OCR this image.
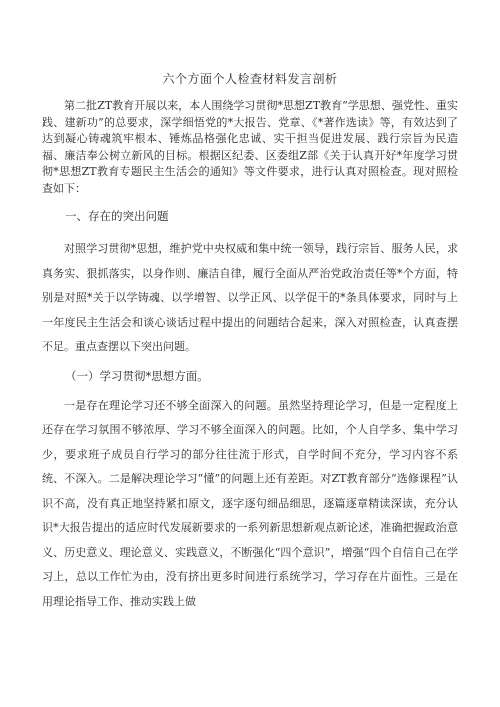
六个方面个人检查材料发言剖析

第二批ZT教育开展以来，本人围绕学习贯彻*思想ZT教育“学思想、强党性、重实践、建新功”的总要求，深学细悟党的*大报告、党章、《*著作选读》等，有效达到了达到凝心铸魂筑牢根本、锤炼品格强化忠诚、实干担当促进发展、践行宗旨为民造福、廉洁奉公树立新风的目标。根据区纪委、区委组Z部《关于认真开好*年度学习贯彻*思想ZT教育专题民主生活会的通知》等文件要求，进行认真对照检查。现对照检查如下：

一、存在的突出问题

对照学习贯彻*思想，维护党中央权威和集中统一领导，践行宗旨、服务人民，求真务实、狠抓落实，以身作则、廉洁自律，履行全面从严治党政治责任等*个方面，特别是对照*关于以学铸魂、以学增智、以学正风、以学促干的*条具体要求，同时与上一年度民主生活会和谈心谈话过程中提出的问题结合起来，深入对照检查，认真查摆不足。重点查摆以下突出问题。

（一）学习贯彻*思想方面。

一是存在理论学习还不够全面深入的问题。虽然坚持理论学习，但是一定程度上还存在学习氛围不够浓厚、学习不够全面深入的问题。比如，个人自学多、集中学习少，要求班子成员自行学习的部分往往流于形式，自学时间不充分，学习内容不系统、不深入。二是解决理论学习“懂”的问题上还有差距。对ZT教育部分“选修课程”认识不高，没有真正地坚持紧扣原文，逐字逐句细品细思，逐篇逐章精读深读，充分认识*大报告提出的适应时代发展新要求的一系列新思想新观点新论述，准确把握政治意义、历史意义、理论意义、实践意义，不断强化“四个意识”，增强“四个自信自己在学习上，总以工作忙为由，没有挤出更多时间进行系统学习，学习存在片面性。三是在用理论指导工作、推动实践上做
